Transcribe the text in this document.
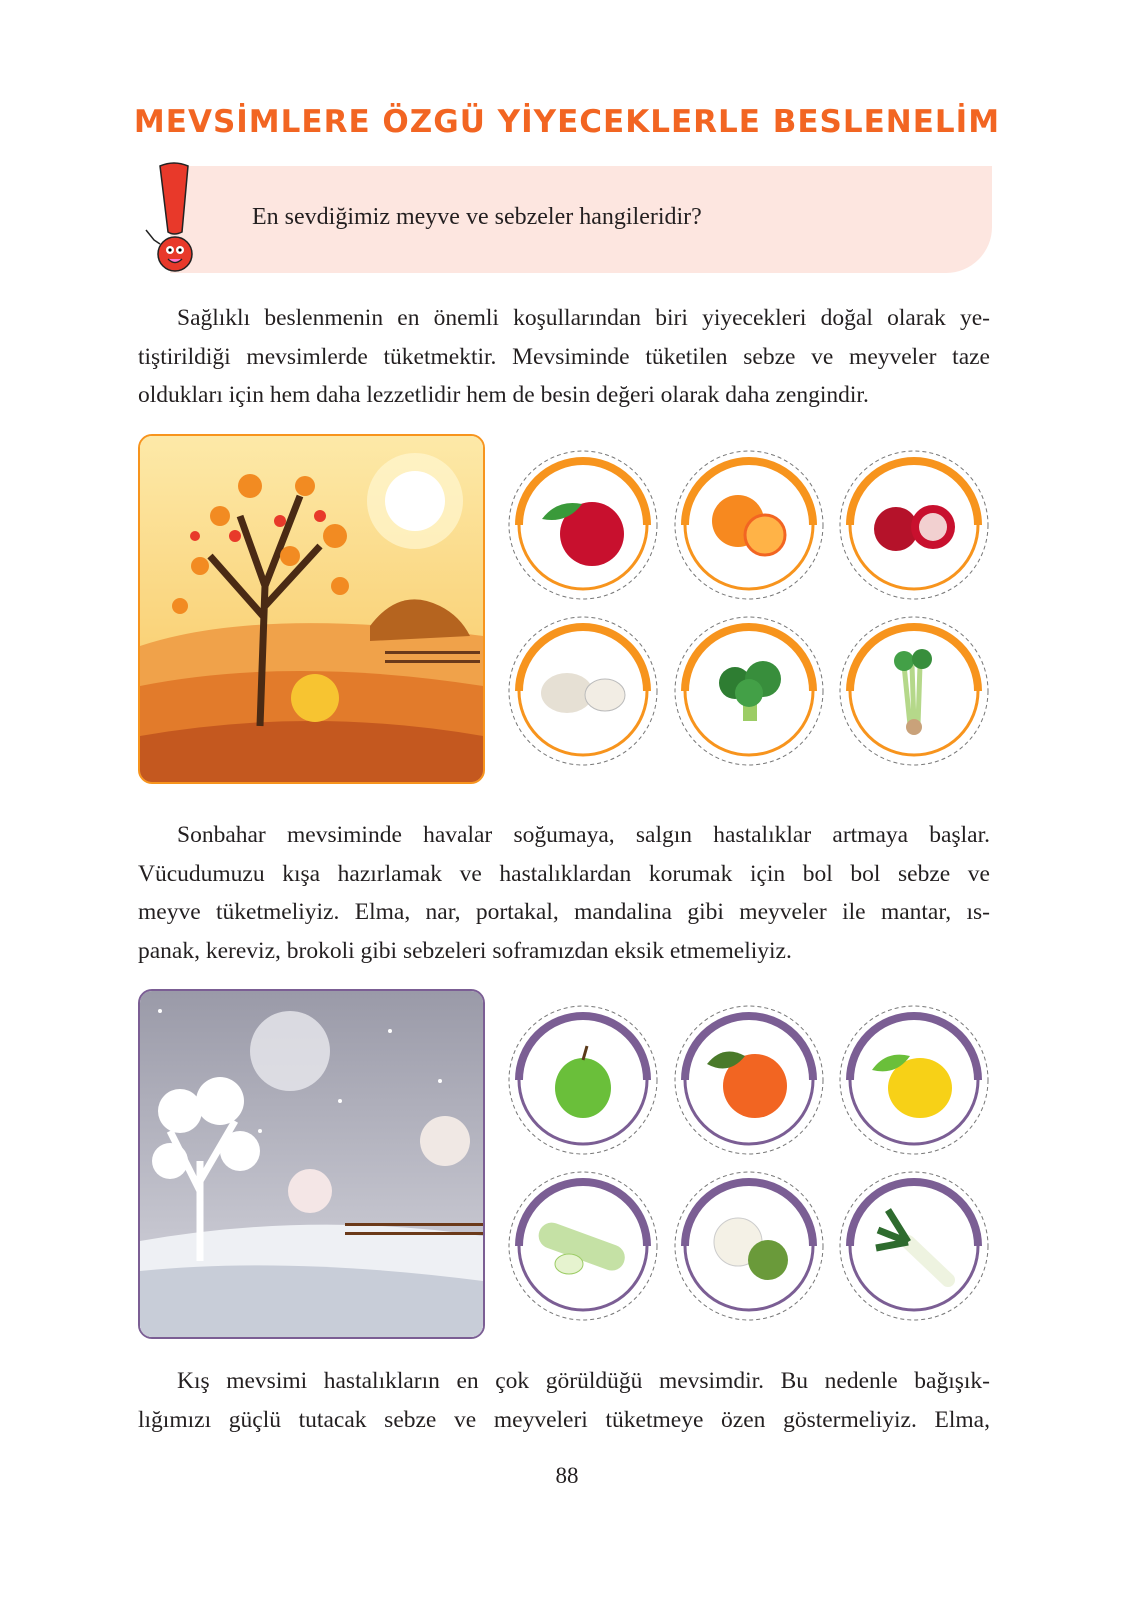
MEVSİMLERE ÖZGÜ YİYECEKLERLE BESLENELİM
En sevdiğimiz meyve ve sebzeler hangileridir?
Sağlıklı beslenmenin en önemli koşullarından biri yiyecekleri doğal olarak ye-
tiştirildiği mevsimlerde tüketmektir. Mevsiminde tüketilen sebze ve meyveler taze
oldukları için hem daha lezzetlidir hem de besin değeri olarak daha zengindir.
Sonbahar mevsiminde havalar soğumaya, salgın hastalıklar artmaya başlar.
Vücudumuzu kışa hazırlamak ve hastalıklardan korumak için bol bol sebze ve
meyve tüketmeliyiz. Elma, nar, portakal, mandalina gibi meyveler ile mantar, ıs-
panak, kereviz, brokoli gibi sebzeleri soframızdan eksik etmemeliyiz.
Kış mevsimi hastalıkların en çok görüldüğü mevsimdir. Bu nedenle bağışık-
lığımızı güçlü tutacak sebze ve meyveleri tüketmeye özen göstermeliyiz. Elma,
88
